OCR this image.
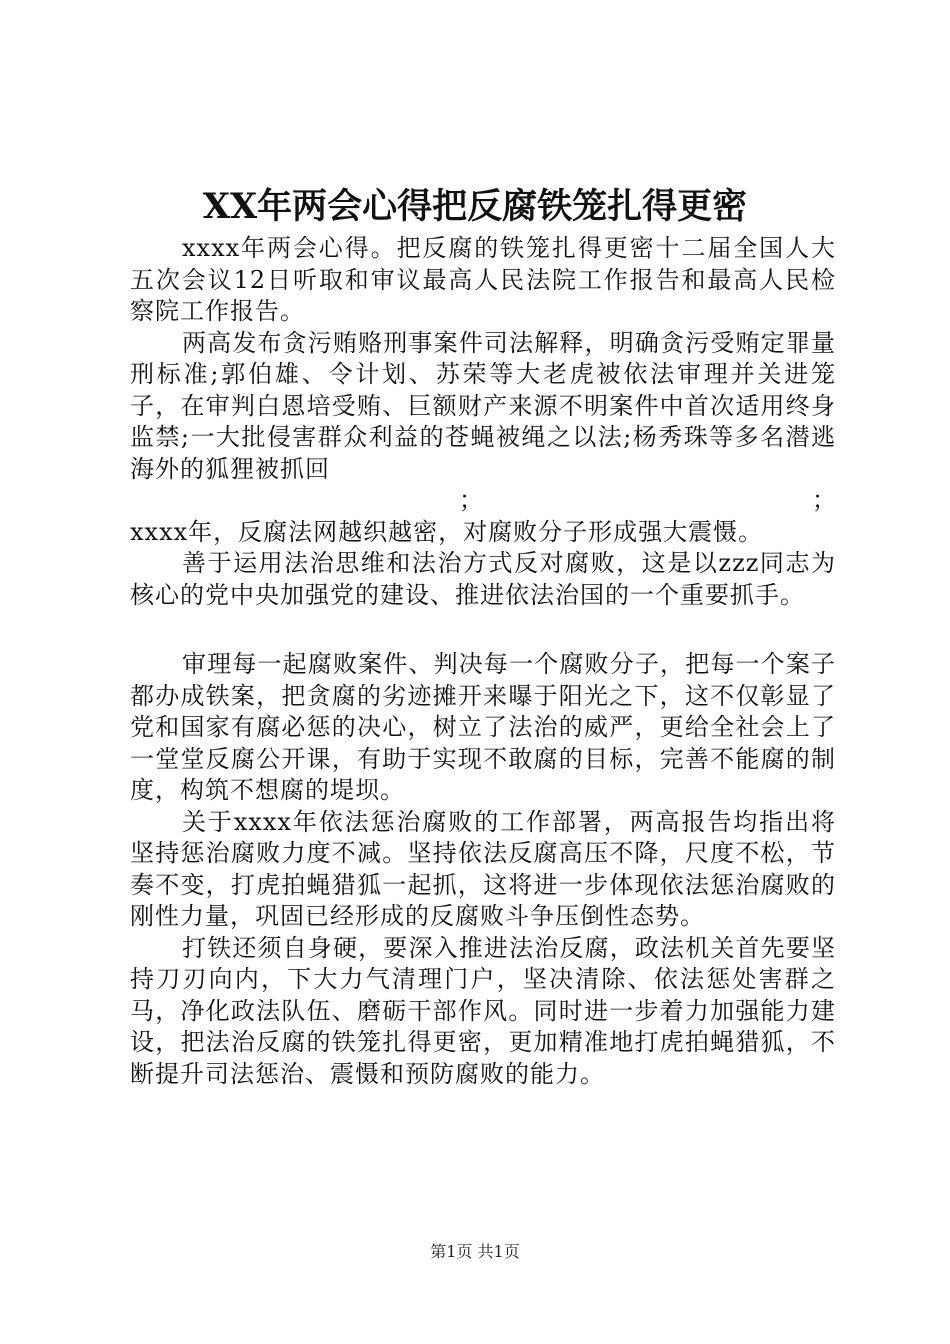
XX年两会心得把反腐铁笼扎得更密

xxxx年两会心得。把反腐的铁笼扎得更密十二届全国人大五次会议12日听取和审议最高人民法院工作报告和最高人民检察院工作报告。

两高发布贪污贿赂刑事案件司法解释，明确贪污受贿定罪量刑标准;郭伯雄、令计划、苏荣等大老虎被依法审理并关进笼子，在审判白恩培受贿、巨额财产来源不明案件中首次适用终身监禁;一大批侵害群众利益的苍蝇被绳之以法;杨秀珠等多名潜逃海外的狐狸被抓回

；	；

xxxx年，反腐法网越织越密，对腐败分子形成强大震慑。

善于运用法治思维和法治方式反对腐败，这是以zzz同志为核心的党中央加强党的建设、推进依法治国的一个重要抓手。

审理每一起腐败案件、判决每一个腐败分子，把每一个案子都办成铁案，把贪腐的劣迹摊开来曝于阳光之下，这不仅彰显了党和国家有腐必惩的决心，树立了法治的威严，更给全社会上了一堂堂反腐公开课，有助于实现不敢腐的目标，完善不能腐的制度，构筑不想腐的堤坝。

关于xxxx年依法惩治腐败的工作部署，两高报告均指出将坚持惩治腐败力度不减。坚持依法反腐高压不降，尺度不松，节奏不变，打虎拍蝇猎狐一起抓，这将进一步体现依法惩治腐败的刚性力量，巩固已经形成的反腐败斗争压倒性态势。

打铁还须自身硬，要深入推进法治反腐，政法机关首先要坚持刀刃向内，下大力气清理门户，坚决清除、依法惩处害群之马，净化政法队伍、磨砺干部作风。同时进一步着力加强能力建设，把法治反腐的铁笼扎得更密，更加精准地打虎拍蝇猎狐，不断提升司法惩治、震慑和预防腐败的能力。

第1页 共1页
